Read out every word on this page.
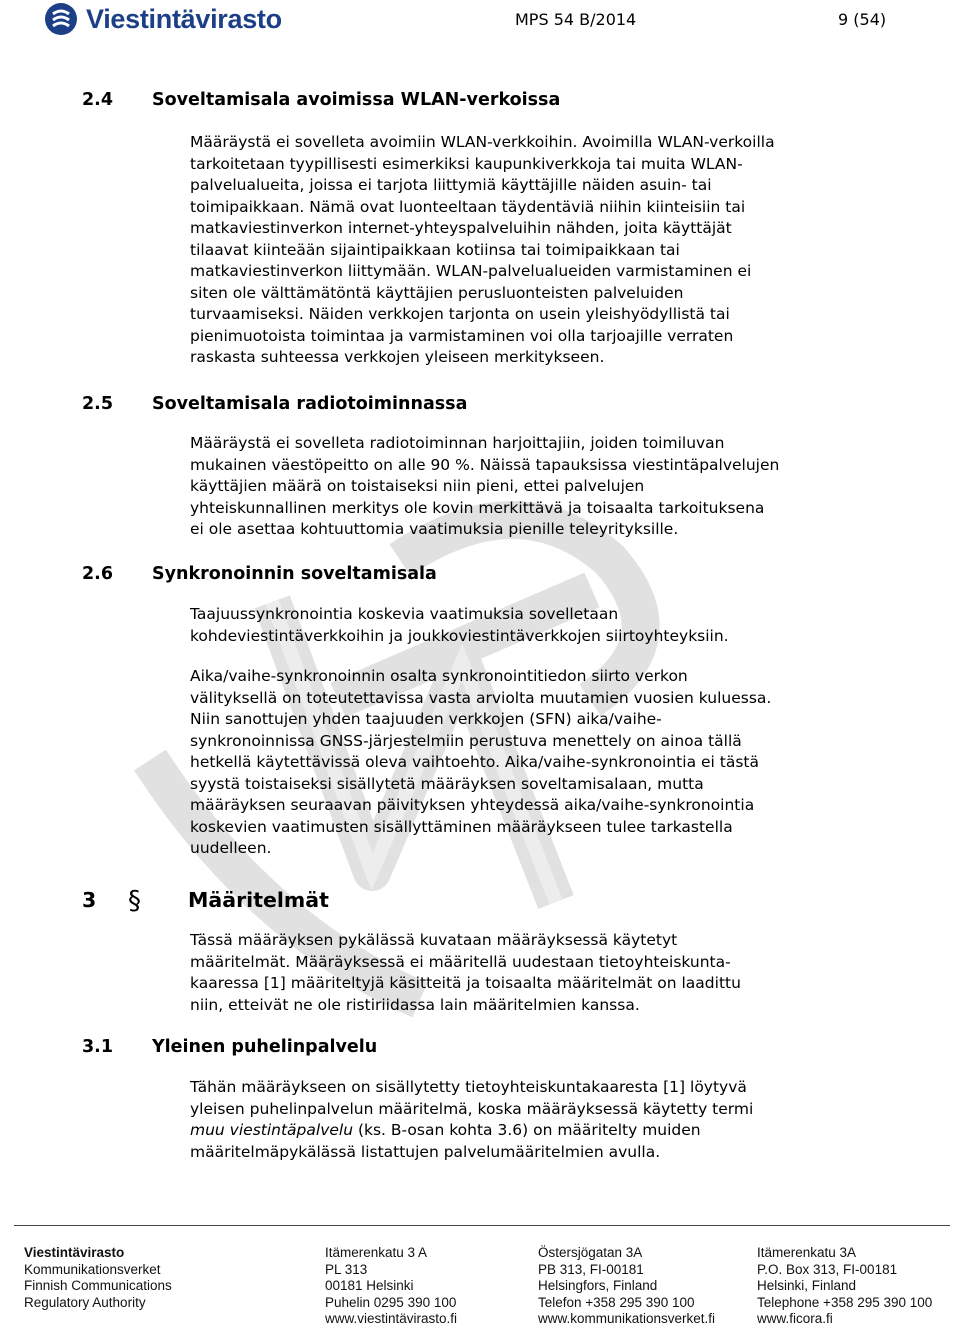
Viestintävirasto	MPS 54 B/2014	9 (54)
2.4 Soveltamisala avoimissa WLAN-verkoissa
Määräystä ei sovelleta avoimiin WLAN-verkkoihin. Avoimilla WLAN-verkoilla
tarkoitetaan tyypillisesti esimerkiksi kaupunkiverkkoja tai muita WLAN-
palvelualueita, joissa ei tarjota liittymiä käyttäjille näiden asuin- tai
toimipaikkaan. Nämä ovat luonteeltaan täydentäviä niihin kiinteisiin tai
matkaviestinverkon internet-yhteyspalveluihin nähden, joita käyttäjät
tilaavat kiinteään sijaintipaikkaan kotiinsa tai toimipaikkaan tai
matkaviestinverkon liittymään. WLAN-palvelualueiden varmistaminen ei
siten ole välttämätöntä käyttäjien perusluonteisten palveluiden
turvaamiseksi. Näiden verkkojen tarjonta on usein yleishyödyllistä tai
pienimuotoista toimintaa ja varmistaminen voi olla tarjoajille verraten
raskasta suhteessa verkkojen yleiseen merkitykseen.
2.5 Soveltamisala radiotoiminnassa
Määräystä ei sovelleta radiotoiminnan harjoittajiin, joiden toimiluvan
mukainen väestöpeitto on alle 90 %. Näissä tapauksissa viestintäpalvelujen
käyttäjien määrä on toistaiseksi niin pieni, ettei palvelujen
yhteiskunnallinen merkitys ole kovin merkittävä ja toisaalta tarkoituksena
ei ole asettaa kohtuuttomia vaatimuksia pienille teleyrityksille.
2.6 Synkronoinnin soveltamisala
Taajuussynkronointia koskevia vaatimuksia sovelletaan
kohdeviestintäverkkoihin ja joukkoviestintäverkkojen siirtoyhteyksiin.
Aika/vaihe-synkronoinnin osalta synkronointitiedon siirto verkon
välityksellä on toteutettavissa vasta arviolta muutamien vuosien kuluessa.
Niin sanottujen yhden taajuuden verkkojen (SFN) aika/vaihe-
synkronoinnissa GNSS-järjestelmiin perustuva menettely on ainoa tällä
hetkellä käytettävissä oleva vaihtoehto. Aika/vaihe-synkronointia ei tästä
syystä toistaiseksi sisällytetä määräyksen soveltamisalaan, mutta
määräyksen seuraavan päivityksen yhteydessä aika/vaihe-synkronointia
koskevien vaatimusten sisällyttäminen määräykseen tulee tarkastella
uudelleen.
3 § Määritelmät
Tässä määräyksen pykälässä kuvataan määräyksessä käytetyt
määritelmät. Määräyksessä ei määritellä uudestaan tietoyhteiskunta-
kaaressa [1] määriteltyjä käsitteitä ja toisaalta määritelmät on laadittu
niin, etteivät ne ole ristiriidassa lain määritelmien kanssa.
3.1 Yleinen puhelinpalvelu
Tähän määräykseen on sisällytetty tietoyhteiskuntakaaresta [1] löytyvä
yleisen puhelinpalvelun määritelmä, koska määräyksessä käytetty termi
muu viestintäpalvelu (ks. B-osan kohta 3.6) on määritelty muiden
määritelmäpykälässä listattujen palvelumääritelmien avulla.
Viestintävirasto
Kommunikationsverket
Finnish Communications
Regulatory Authority
Itämerenkatu 3 A
PL 313
00181 Helsinki
Puhelin 0295 390 100
www.viestintävirasto.fi
Östersjögatan 3A
PB 313, FI-00181
Helsingfors, Finland
Telefon +358 295 390 100
www.kommunikationsverket.fi
Itämerenkatu 3A
P.O. Box 313, FI-00181
Helsinki, Finland
Telephone +358 295 390 100
www.ficora.fi
